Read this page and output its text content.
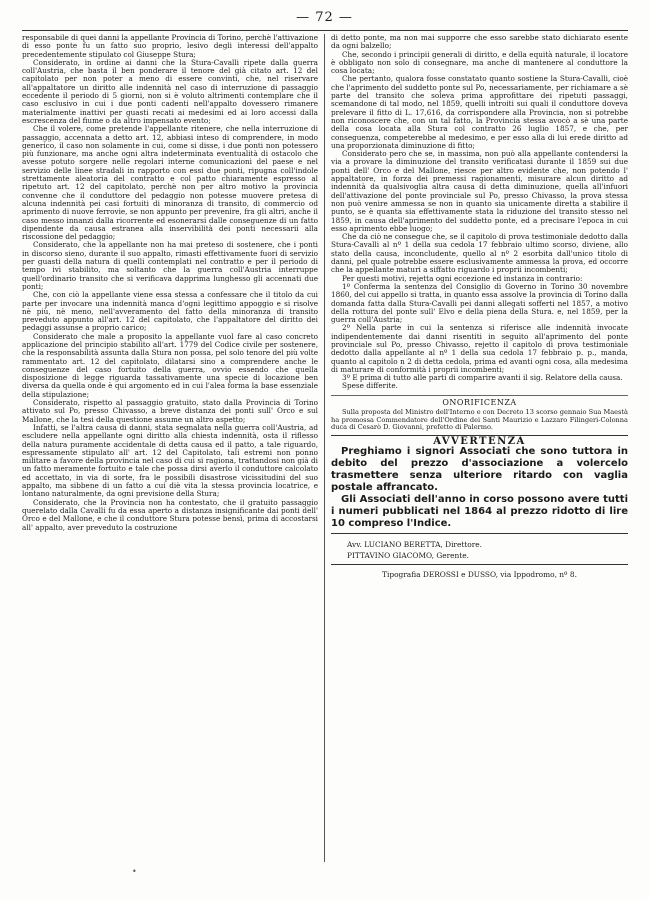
— 72 —

responsabile di quei danni la appellante Provincia di Torino, perchè l'attivazione di esso ponte fu un fatto suo proprio, lesivo degli interessi dell'appalto precedentemente stipulato col Giuseppe Stura;

Considerato, in ordine ai danni che la Stura-Cavalli ripete dalla guerra coll'Austria, che basta il ben ponderare il tenore del già citato art. 12 del capitolato per non poter a meno di essere convinti, che, nel riservare all'appaltatore un diritto alle indennità nel caso di interruzione di passaggio eccedente il periodo di 5 giorni, non si è voluto altrimenti contemplare che il caso esclusivo in cui i due ponti cadenti nell'appalto dovessero rimanere materialmente inattivi per guasti recati ai medesimi ed ai loro accessi dalla escrescenza del fiume o da altro impensato evento;

Che il volere, come pretende l'appellante ritenere, che nella interruzione di passaggio, accennata a detto art. 12, abbiasi inteso di comprendere, in modo generico, il caso non solamente in cui, come si disse, i due ponti non potessero più funzionare, ma anche ogni altra indeterminata eventualità di ostacolo che avesse potuto sorgere nelle regolari interne comunicazioni del paese e nel servizio delle linee stradali in rapporto con essi due ponti, ripugna coll'indole strettamente aleatoria del contratto e col patto chiaramente espresso al ripetuto art. 12 del capitolato, perchè non per altro motivo la provincia convenne che il conduttore del pedaggio non potesse muovere pretesa di alcuna indennità pei casi fortuiti di minoranza di transito, di commercio od aprimento di nuove ferrovie, se non appunto per prevenire, fra gli altri, anche il caso messo innanzi dalla ricorrente ed esonerarsi dalle conseguenze di un fatto dipendente da causa estranea alla inservibilità dei ponti necessarii alla riscossione del pedaggio;

Considerato, che la appellante non ha mai preteso di sostenere, che i ponti in discorso sieno, durante il suo appalto, rimasti effettivamente fuori di servizio per guasti della natura di quelli contemplati nel contratto e per il periodo di tempo ivi stabilito, ma soltanto che la guerra coll'Austria interruppe quell'ordinario transito che si verificava dapprima lunghesso gli accennati due ponti;

Che, con ciò la appellante viene essa stessa a confessare che il titolo da cui parte per invocare una indennità manca d'ogni legittimo appoggio e si risolve nè più, nè meno, nell'avveramento del fatto della minoranza di transito preveduto appunto all'art. 12 del capitolato, che l'appaltatore del diritto dei pedaggi assunse a proprio carico;

Considerato che male a proposito la appellante vuol fare al caso concreto applicazione del principio stabilito all'art. 1779 del Codice civile per sostenere, che la responsabilità assunta dalla Stura non possa, pel solo tenore del più volte rammentato art. 12 del capitolato, dilatarsi sino a comprendere anche le conseguenze del caso fortuito della guerra, ovvio essendo che quella disposizione di legge riguarda tassativamente una specie di locazione ben diversa da quella onde è qui argomento ed in cui l'alea forma la base essenziale della stipulazione;

Considerato, rispetto al passaggio gratuito, stato dalla Provincia di Torino attivato sul Po, presso Chivasso, a breve distanza dei ponti sull' Orco e sul Mallone, che la tesi della questione assume un altro aspetto;

Infatti, se l'altra causa di danni, stata segnalata nella guerra coll'Austria, ad escludere nella appellante ogni diritto alla chiesta indennità, osta il riflesso della natura puramente accidentale di detta causa ed il patto, a tale riguardo, espressamente stipulato all' art. 12 del Capitolato, tali estremi non ponno militare a favore della provincia nel caso di cui si ragiona, trattandosi non già di un fatto meramente fortuito e tale che possa dirsi averlo il conduttore calcolato ed accettato, in via di sorte, fra le possibili disastrose vicissitudini del suo appalto, ma sibbene di un fatto a cui diè vita la stessa provincia locatrice, e lontano naturalmente, da ogni previsione della Stura;

Considerato, che la Provincia non ha contestato, che il gratuito passaggio querelato dalla Cavalli fu da essa aperto a distanza insignificante dai ponti dell' Orco e del Mallone, e che il conduttore Stura potesse bensì, prima di accostarsi all' appalto, aver preveduto la costruzione

di detto ponte, ma non mai supporre che esso sarebbe stato dichiarato esente da ogni balzello;

Che, secondo i principii generali di diritto, e della equità naturale, il locatore è obbligato non solo di consegnare, ma anche di mantenere al conduttore la cosa locata;

Che pertanto, qualora fosse constatato quanto sostiene la Stura-Cavalli, cioè che l'aprimento del suddetto ponte sul Po, necessariamente, per richiamare a sè parte del transito che soleva prima approfittare dei ripetuti passaggi, scemandone di tal modo, nel 1859, quelli introiti sui quali il conduttore doveva prelevare il fitto di L. 17,616, da corrispondere alla Provincia, non si potrebbe non riconoscere che, con un tal fatto, la Provincia stessa avocò a sè una parte della cosa locata alla Stura col contratto 26 luglio 1857, e che, per conseguenza, competerebbe al medesimo, e per esso alla di lui erede diritto ad una proporzionata diminuzione di fitto;

Considerato pero che se, in massima, non può alla appellante contendersi la via a provare la diminuzione del transito verificatasi durante il 1859 sui due ponti dell' Orco e del Mallone, riesce per altro evidente che, non potendo l' appaltatore, in forza dei premessi ragionamenti, misurare alcun diritto ad indennità da qualsivoglia altra causa di detta diminuzione, quella all'infuori dell'attivazione del ponte provinciale sul Po, presso Chivasso, la prova stessa non può venire ammessa se non in quanto sia unicamente diretta a stabilire il punto, se è quanta sia effettivamente stata la riduzione del transito stesso nel 1859, in causa dell'aprimento del suddetto ponte, ed a precisare l'epoca in cui esso aprimento ebbe luogo;

Che da ciò ne consegue che, se il capitolo di prova testimoniale dedotto dalla Stura-Cavalli al nº 1 della sua cedola 17 febbraio ultimo scorso, diviene, allo stato della causa, inconcludente, quello al nº 2 esorbita dall'unico titolo di danni, pel quale potrebbe essere esclusivamente ammessa la prova, ed occorre che la appellante maturi a siffatto riguardo i proprii incombenti;

Per questi motivi, rejetta ogni eccezione ed instanza in contrario:

1º Conferma la sentenza del Consiglio di Governo in Torino 30 novembre 1860, del cui appello si tratta, in quanto essa assolve la provincia di Torino dalla domanda fatta dalla Stura-Cavalli pei danni allegati sofferti nel 1857, a motivo della rottura del ponte sull' Elvo e della piena della Stura. e, nel 1859, per la guerra coll'Austria;

2º Nella parte in cui la sentenza si riferisce alle indennità invocate indipendentemente dai danni risentiti in seguito all'aprimento del ponte provinciale sul Po, presso Chivasso, rejetto il capitolo di prova testimoniale dedotto dalla appellante al nº 1 della sua cedola 17 febbraio p. p., manda, quanto al capitolo n 2 di detta cedola, prima ed avanti ogni cosa, alla medesima di maturare di conformità i proprii incombenti;

3º E prima di tutto alle parti di comparire avanti il sig. Relatore della causa.

Spese differite.

ONORIFICENZA

Sulla proposta del Ministro dell'Interno e con Decreto 13 scorso gennaio Sua Maestà ha promossa Commendatore dell'Ordine dei Santi Maurizio e Lazzaro Filingeri-Colonna duca di Cesarò D. Giovanni, prefetto di Palermo.

AVVERTENZA

Preghiamo i signori Associati che sono tuttora in debito del prezzo d'associazione a volercelo trasmettere senza ulteriore ritardo con vaglia postale affrancato.

Gli Associati dell'anno in corso possono avere tutti i numeri pubblicati nel 1864 al prezzo ridotto di lire 10 compreso l'Indice.

Avv. LUCIANO BERETTA, Direttore.
PITTAVINO GIACOMO, Gerente.
Tipografia DEROSSI e DUSSO, via Ippodromo, nº 8.
•
